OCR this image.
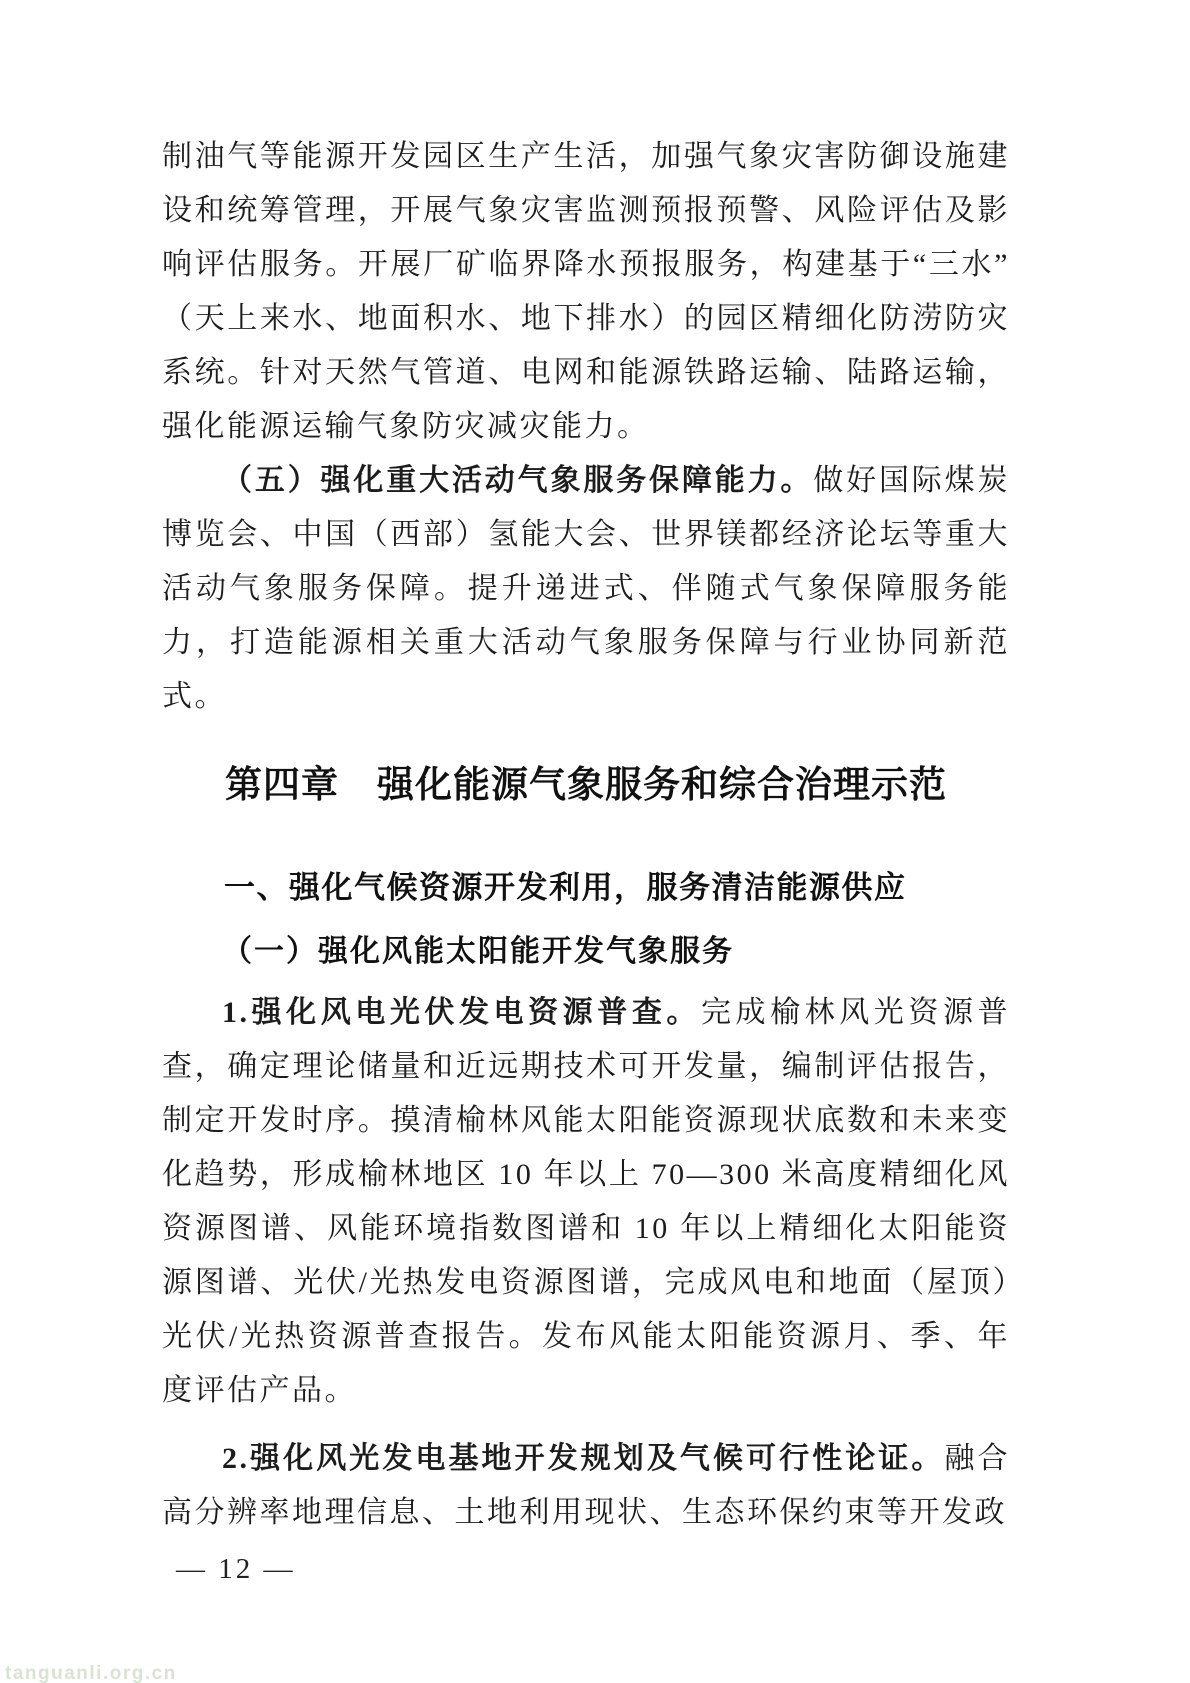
制油气等能源开发园区生产生活，加强气象灾害防御设施建设和统筹管理，开展气象灾害监测预报预警、风险评估及影响评估服务。开展厂矿临界降水预报服务，构建基于“三水”（天上来水、地面积水、地下排水）的园区精细化防涝防灾系统。针对天然气管道、电网和能源铁路运输、陆路运输，强化能源运输气象防灾减灾能力。

（五）强化重大活动气象服务保障能力。做好国际煤炭博览会、中国（西部）氢能大会、世界镁都经济论坛等重大活动气象服务保障。提升递进式、伴随式气象保障服务能力，打造能源相关重大活动气象服务保障与行业协同新范式。

第四章　强化能源气象服务和综合治理示范
一、强化气候资源开发利用，服务清洁能源供应
（一）强化风能太阳能开发气象服务

1.强化风电光伏发电资源普查。完成榆林风光资源普查，确定理论储量和近远期技术可开发量，编制评估报告，制定开发时序。摸清榆林风能太阳能资源现状底数和未来变化趋势，形成榆林地区 10 年以上 70—300 米高度精细化风资源图谱、风能环境指数图谱和 10 年以上精细化太阳能资源图谱、光伏/光热发电资源图谱，完成风电和地面（屋顶）光伏/光热资源普查报告。发布风能太阳能资源月、季、年度评估产品。

2.强化风光发电基地开发规划及气候可行性论证。融合高分辨率地理信息、土地利用现状、生态环保约束等开发政

— 12 —
tanguanli.org.cn
